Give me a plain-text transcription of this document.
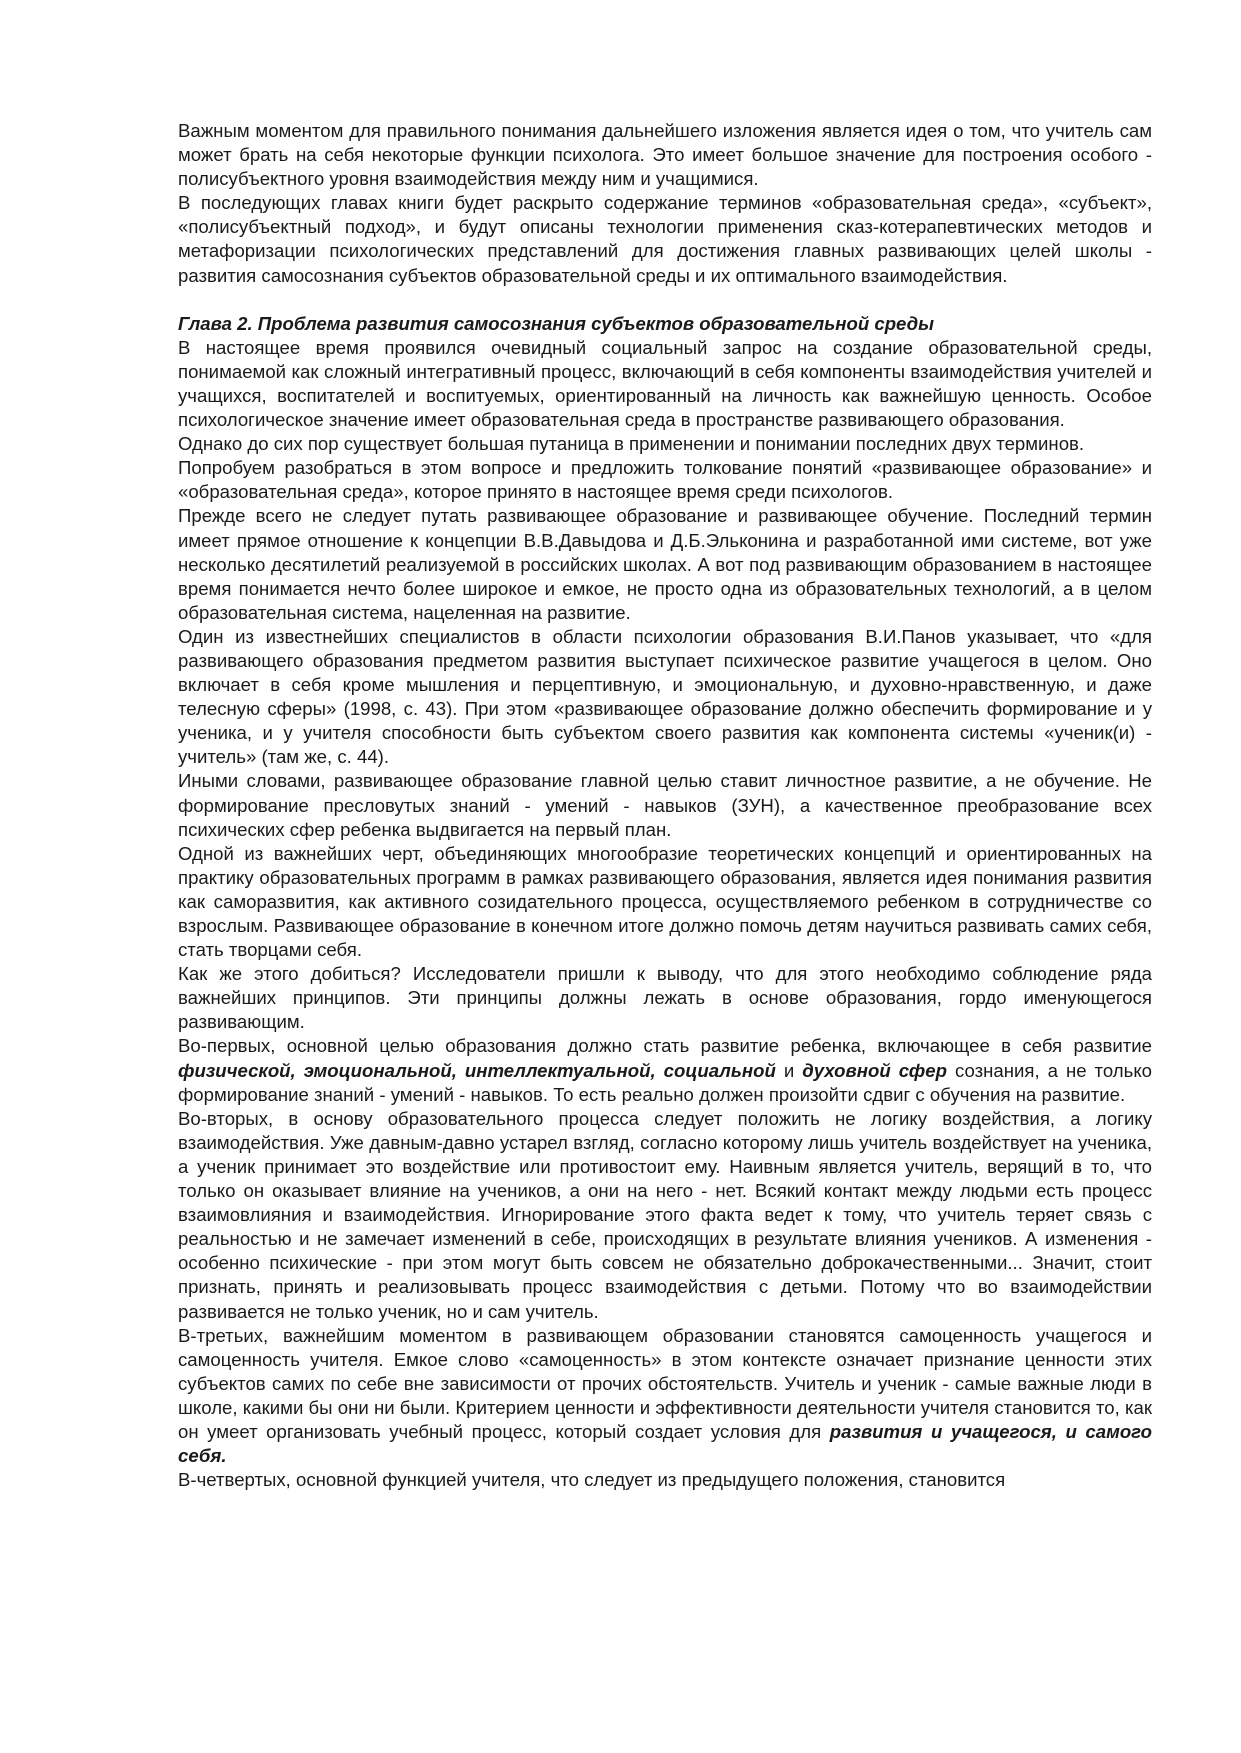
Важным моментом для правильного понимания дальнейшего изложения является идея о том, что учитель сам может брать на себя некоторые функции психолога. Это имеет большое значение для построения особого - полисубъектного уровня взаимодействия между ним и учащимися.

В последующих главах книги будет раскрыто содержание терминов «образовательная среда», «субъект», «полисубъектный подход», и будут описаны технологии применения сказ-котерапевтических методов и метафоризации психологических представлений для достижения главных развивающих целей школы - развития самосознания субъектов образовательной среды и их оптимального взаимодействия.

Глава 2. Проблема развития самосознания субъектов образовательной среды

В настоящее время проявился очевидный социальный запрос на создание образовательной среды, понимаемой как сложный интегративный процесс, включающий в себя компоненты взаимодействия учителей и учащихся, воспитателей и воспитуемых, ориентированный на личность как важнейшую ценность. Особое психологическое значение имеет образовательная среда в пространстве развивающего образования.

Однако до сих пор существует большая путаница в применении и понимании последних двух терминов.

Попробуем разобраться в этом вопросе и предложить толкование понятий «развивающее образование» и «образовательная среда», которое принято в настоящее время среди психологов.

Прежде всего не следует путать развивающее образование и развивающее обучение. Последний термин имеет прямое отношение к концепции В.В.Давыдова и Д.Б.Эльконина и разработанной ими системе, вот уже несколько десятилетий реализуемой в российских школах. А вот под развивающим образованием в настоящее время понимается нечто более широкое и емкое, не просто одна из образовательных технологий, а в целом образовательная система, нацеленная на развитие.

Один из известнейших специалистов в области психологии образования В.И.Панов указывает, что «для развивающего образования предметом развития выступает психическое развитие учащегося в целом. Оно включает в себя кроме мышления и перцептивную, и эмоциональную, и духовно-нравственную, и даже телесную сферы» (1998, с. 43). При этом «развивающее образование должно обеспечить формирование и у ученика, и у учителя способности быть субъектом своего развития как компонента системы «ученик(и) - учитель» (там же, с. 44).

Иными словами, развивающее образование главной целью ставит личностное развитие, а не обучение. Не формирование пресловутых знаний - умений - навыков (ЗУН), а качественное преобразование всех психических сфер ребенка выдвигается на первый план.

Одной из важнейших черт, объединяющих многообразие теоретических концепций и ориентированных на практику образовательных программ в рамках развивающего образования, является идея понимания развития как саморазвития, как активного созидательного процесса, осуществляемого ребенком в сотрудничестве со взрослым. Развивающее образование в конечном итоге должно помочь детям научиться развивать самих себя, стать творцами себя.

Как же этого добиться? Исследователи пришли к выводу, что для этого необходимо соблюдение ряда важнейших принципов. Эти принципы должны лежать в основе образования, гордо именующегося развивающим.

Во-первых, основной целью образования должно стать развитие ребенка, включающее в себя развитие физической, эмоциональной, интеллектуальной, социальной и духовной сфер сознания, а не только формирование знаний - умений - навыков. То есть реально должен произойти сдвиг с обучения на развитие.

Во-вторых, в основу образовательного процесса следует положить не логику воздействия, а логику взаимодействия. Уже давным-давно устарел взгляд, согласно которому лишь учитель воздействует на ученика, а ученик принимает это воздействие или противостоит ему. Наивным является учитель, верящий в то, что только он оказывает влияние на учеников, а они на него - нет. Всякий контакт между людьми есть процесс взаимовлияния и взаимодействия. Игнорирование этого факта ведет к тому, что учитель теряет связь с реальностью и не замечает изменений в себе, происходящих в результате влияния учеников. А изменения - особенно психические - при этом могут быть совсем не обязательно доброкачественными... Значит, стоит признать, принять и реализовывать процесс взаимодействия с детьми. Потому что во взаимодействии развивается не только ученик, но и сам учитель.

В-третьих, важнейшим моментом в развивающем образовании становятся самоценность учащегося и самоценность учителя. Емкое слово «самоценность» в этом контексте означает признание ценности этих субъектов самих по себе вне зависимости от прочих обстоятельств. Учитель и ученик - самые важные люди в школе, какими бы они ни были. Критерием ценности и эффективности деятельности учителя становится то, как он умеет организовать учебный процесс, который создает условия для развития и учащегося, и самого себя.

В-четвертых, основной функцией учителя, что следует из предыдущего положения, становится
